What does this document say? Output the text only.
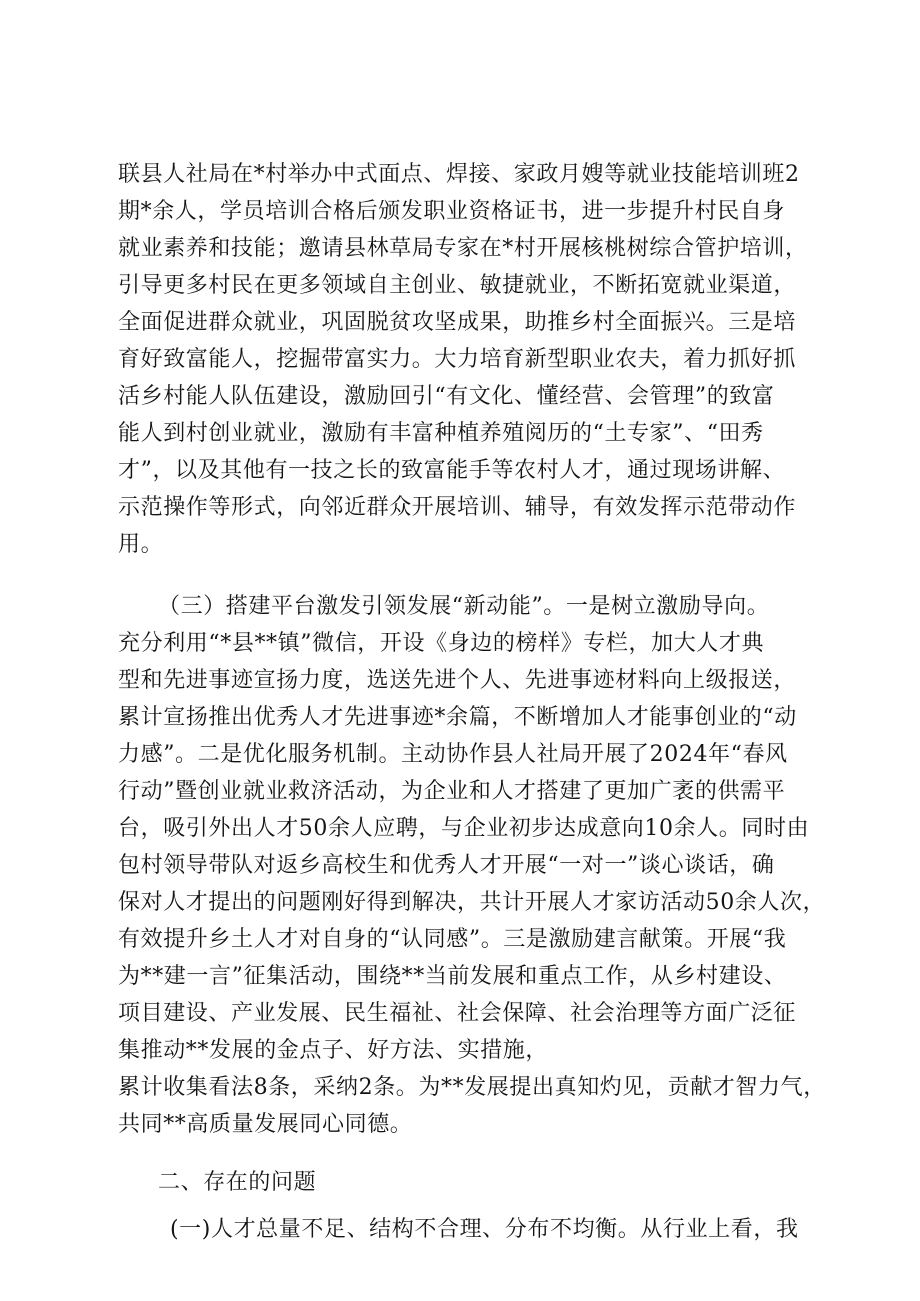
联县人社局在*村举办中式面点、焊接、家政月嫂等就业技能培训班2
期*余人，学员培训合格后颁发职业资格证书，进一步提升村民自身
就业素养和技能；邀请县林草局专家在*村开展核桃树综合管护培训，
引导更多村民在更多领域自主创业、敏捷就业，不断拓宽就业渠道，
全面促进群众就业，巩固脱贫攻坚成果，助推乡村全面振兴。三是培
育好致富能人，挖掘带富实力。大力培育新型职业农夫，着力抓好抓
活乡村能人队伍建设，激励回引“有文化、懂经营、会管理”的致富
能人到村创业就业，激励有丰富种植养殖阅历的“土专家”、“田秀
才”，以及其他有一技之长的致富能手等农村人才，通过现场讲解、
示范操作等形式，向邻近群众开展培训、辅导，有效发挥示范带动作
用。
（三）搭建平台激发引领发展“新动能”。一是树立激励导向。
充分利用“*县**镇”微信，开设《身边的榜样》专栏，加大人才典
型和先进事迹宣扬力度，选送先进个人、先进事迹材料向上级报送，
累计宣扬推出优秀人才先进事迹*余篇，不断增加人才能事创业的“动
力感”。二是优化服务机制。主动协作县人社局开展了2024年“春风
行动”暨创业就业救济活动，为企业和人才搭建了更加广袤的供需平
台，吸引外出人才50余人应聘，与企业初步达成意向10余人。同时由
包村领导带队对返乡高校生和优秀人才开展“一对一”谈心谈话，确
保对人才提出的问题刚好得到解决，共计开展人才家访活动50余人次，
有效提升乡土人才对自身的“认同感”。三是激励建言献策。开展“我
为**建一言”征集活动，围绕**当前发展和重点工作，从乡村建设、
项目建设、产业发展、民生福祉、社会保障、社会治理等方面广泛征
集推动**发展的金点子、好方法、实措施，
累计收集看法8条，采纳2条。为**发展提出真知灼见，贡献才智力气，
共同**高质量发展同心同德。
二、存在的问题
(一)人才总量不足、结构不合理、分布不均衡。从行业上看，我
